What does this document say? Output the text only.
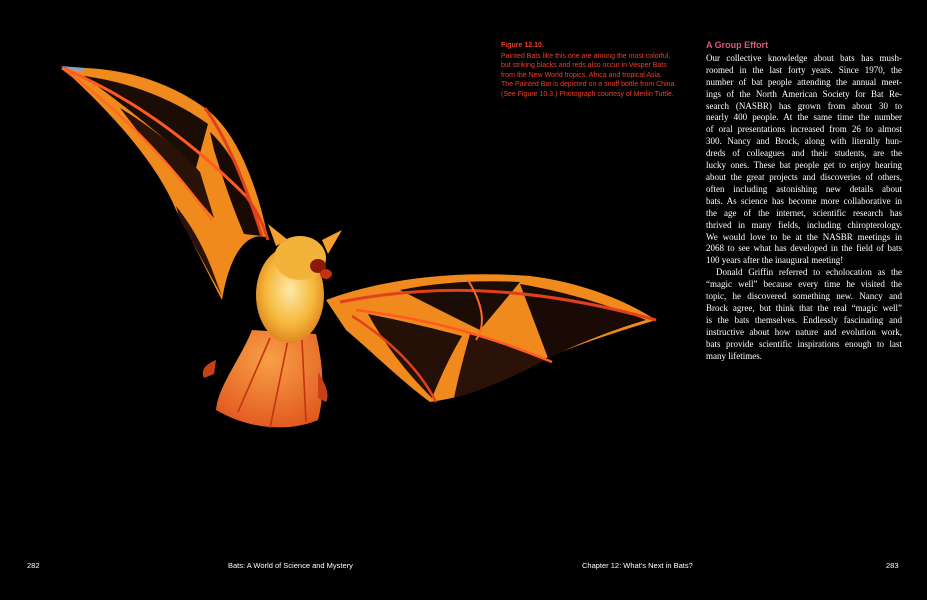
Figure 12.10.
Painted Bats like this one are among the most colorful,
but striking blacks and reds also occur in Vesper Bats
from the New World tropics, Africa and tropical Asia.
The Painted Bat is depicted on a snuff bottle from China.
(See Figure 10.3.) Photograph courtesy of Merlin Tuttle.
A Group Effort
Our collective knowledge about bats has mush-
roomed in the last forty years. Since 1970, the
number of bat people attending the annual meet-
ings of the North American Society for Bat Re-
search (NASBR) has grown from about 30 to
nearly 400 people. At the same time the number
of oral presentations increased from 26 to almost
300. Nancy and Brock, along with literally hun-
dreds of colleagues and their students, are the
lucky ones. These bat people get to enjoy hearing
about the great projects and discoveries of others,
often including astonishing new details about
bats. As science has become more collaborative in
the age of the internet, scientific research has
thrived in many fields, including chiropterology.
We would love to be at the NASBR meetings in
2068 to see what has developed in the field of bats
100 years after the inaugural meeting!
Donald Griffin referred to echolocation as the
“magic well” because every time he visited the
topic, he discovered something new. Nancy and
Brock agree, but think that the real “magic well”
is the bats themselves. Endlessly fascinating and
instructive about how nature and evolution work,
bats provide scientific inspirations enough to last
many lifetimes.
282	Bats: A World of Science and Mystery	Chapter 12: What’s Next in Bats?	283
